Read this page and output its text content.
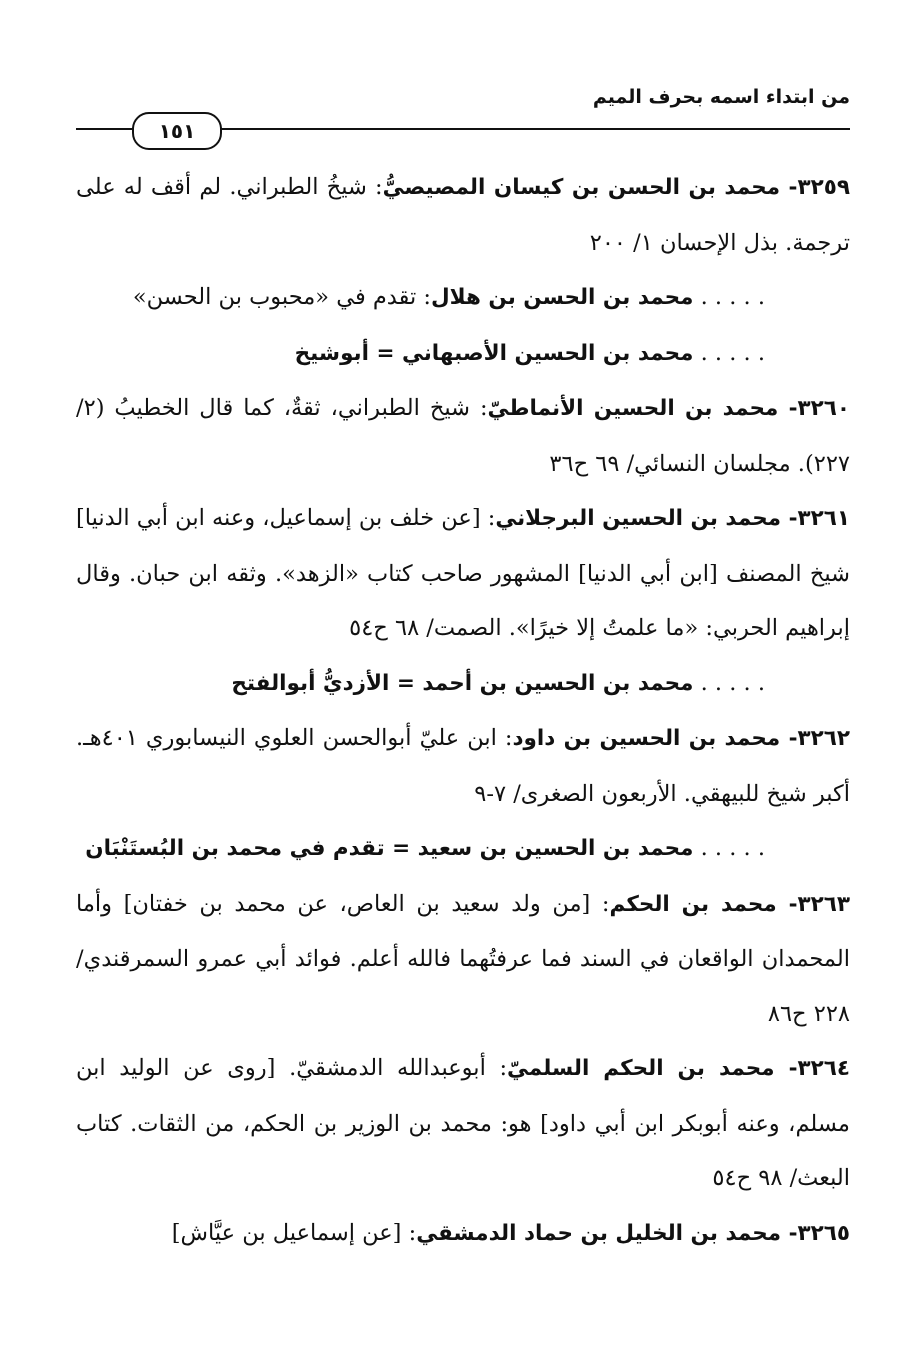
من ابتداء اسمه بحرف الميم
١٥١

٣٢٥٩- محمد بن الحسن بن كيسان المصيصيُّ: شيخُ الطبراني. لم أقف له على ترجمة. بذل الإحسان ١/ ٢٠٠

. . . . . محمد بن الحسن بن هلال: تقدم في «محبوب بن الحسن»

. . . . . محمد بن الحسين الأصبهاني = أبوشيخ

٣٢٦٠- محمد بن الحسين الأنماطيّ: شيخ الطبراني، ثقةٌ، كما قال الخطيبُ (٢/ ٢٢٧). مجلسان النسائي/ ٦٩ ح٣٦

٣٢٦١- محمد بن الحسين البرجلاني: [عن خلف بن إسماعيل، وعنه ابن أبي الدنيا] شيخ المصنف [ابن أبي الدنيا] المشهور صاحب كتاب «الزهد». وثقه ابن حبان. وقال إبراهيم الحربي: «ما علمتُ إلا خيرًا». الصمت/ ٦٨ ح٥٤

. . . . . محمد بن الحسين بن أحمد = الأزديُّ أبوالفتح

٣٢٦٢- محمد بن الحسين بن داود: ابن عليّ أبوالحسن العلوي النيسابوري ٤٠١هـ. أكبر شيخ للبيهقي. الأربعون الصغرى/ ٧-٩

. . . . . محمد بن الحسين بن سعيد = تقدم في محمد بن البُستَنْبَان

٣٢٦٣- محمد بن الحكم: [من ولد سعيد بن العاص، عن محمد بن خفتان] وأما المحمدان الواقعان في السند فما عرفتُهما فالله أعلم. فوائد أبي عمرو السمرقندي/ ٢٢٨ ح٨٦

٣٢٦٤- محمد بن الحكم السلميّ: أبوعبدالله الدمشقيّ. [روى عن الوليد ابن مسلم، وعنه أبوبكر ابن أبي داود] هو: محمد بن الوزير بن الحكم، من الثقات. كتاب البعث/ ٩٨ ح٥٤

٣٢٦٥- محمد بن الخليل بن حماد الدمشقي: [عن إسماعيل بن عيَّاش]
